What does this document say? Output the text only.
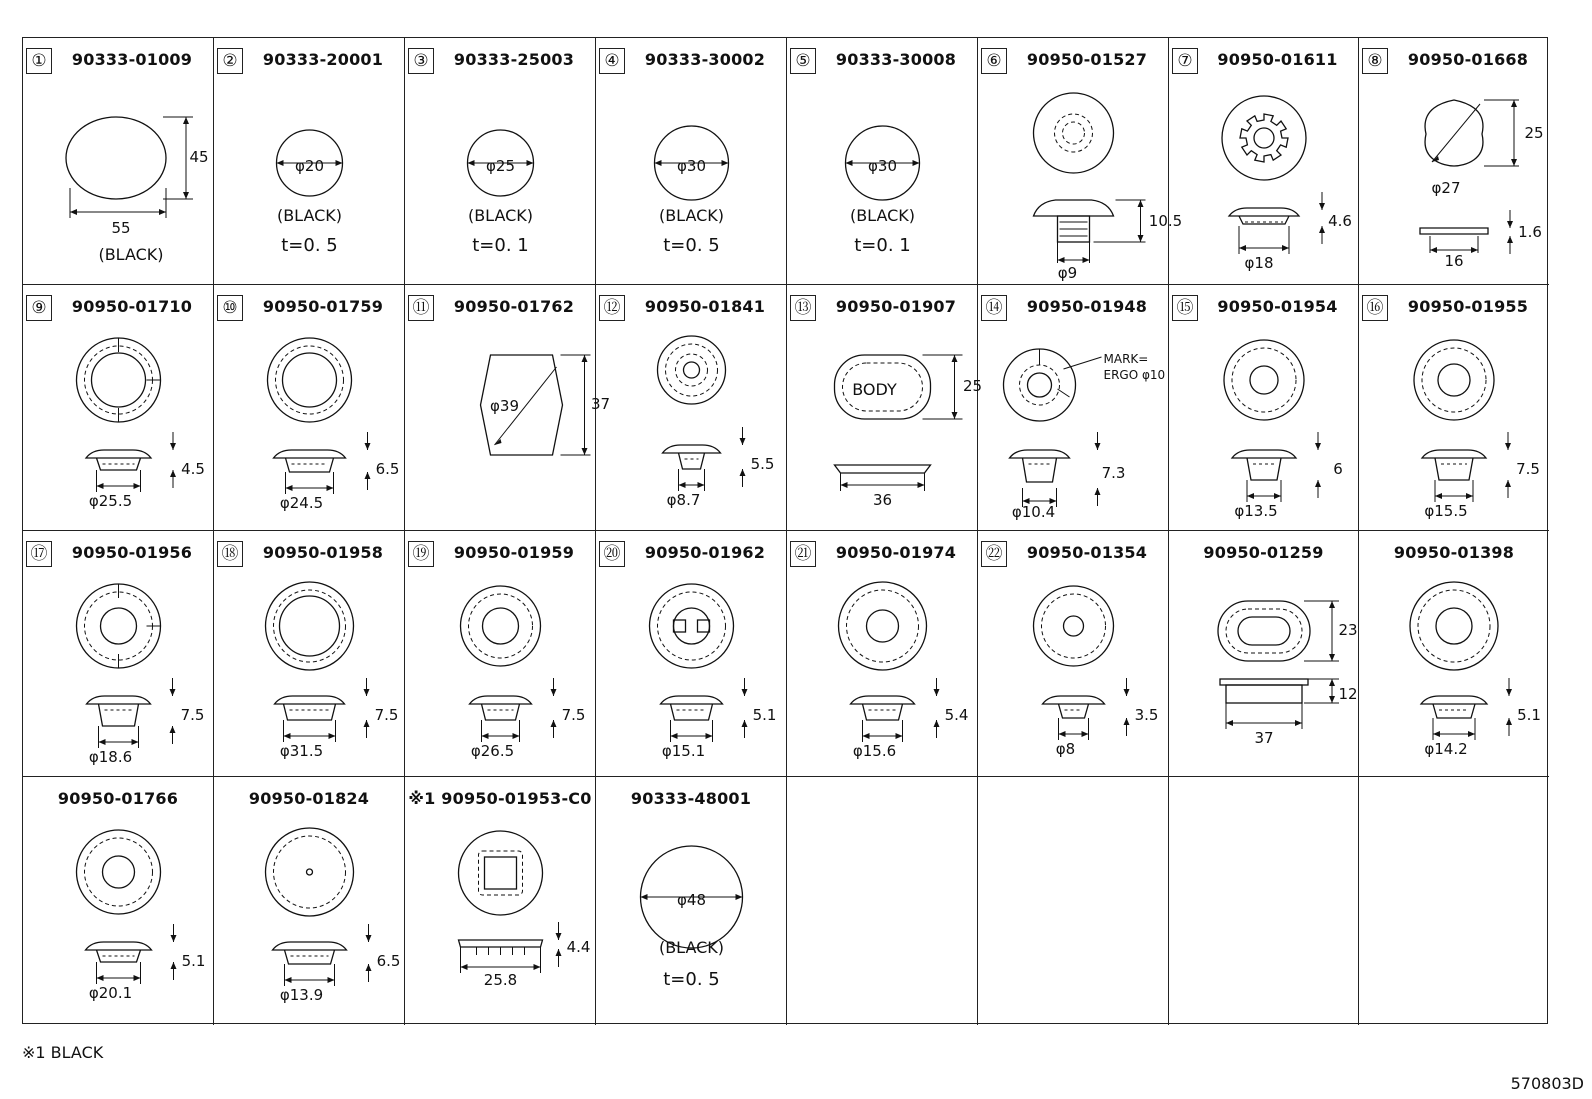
①	90333-01009
45
55
(BLACK)
②	90333-20001
φ20
(BLACK)
t=0. 5
③	90333-25003
φ25
(BLACK)
t=0. 1
④	90333-30002
φ30
(BLACK)
t=0. 5
⑤	90333-30008
φ30
(BLACK)
t=0. 1
⑥	90950-01527
10.5
φ9
⑦	90950-01611
4.6
φ18
⑧	90950-01668
φ27
25
1.6
16
⑨	90950-01710
4.5
φ25.5
⑩	90950-01759
6.5
φ24.5
⑪	90950-01762
φ39	37
⑫	90950-01841
5.5
φ8.7
⑬	90950-01907
BODY	25
36
⑭	90950-01948
MARK=
ERGO φ10
7.3
φ10.4
⑮	90950-01954
6
φ13.5
⑯	90950-01955
7.5
φ15.5
⑰	90950-01956
7.5
φ18.6
⑱	90950-01958
7.5
φ31.5
⑲	90950-01959
7.5
φ26.5
⑳	90950-01962
5.1
φ15.1
㉑	90950-01974
5.4
φ15.6
㉒	90950-01354
3.5
φ8
90950-01259
23
12
37
90950-01398
5.1
φ14.2
90950-01766
5.1
φ20.1
90950-01824
6.5
φ13.9
※1 90950-01953-C0
4.4
25.8
90333-48001
φ48
(BLACK)
t=0. 5
※1 BLACK
570803D
